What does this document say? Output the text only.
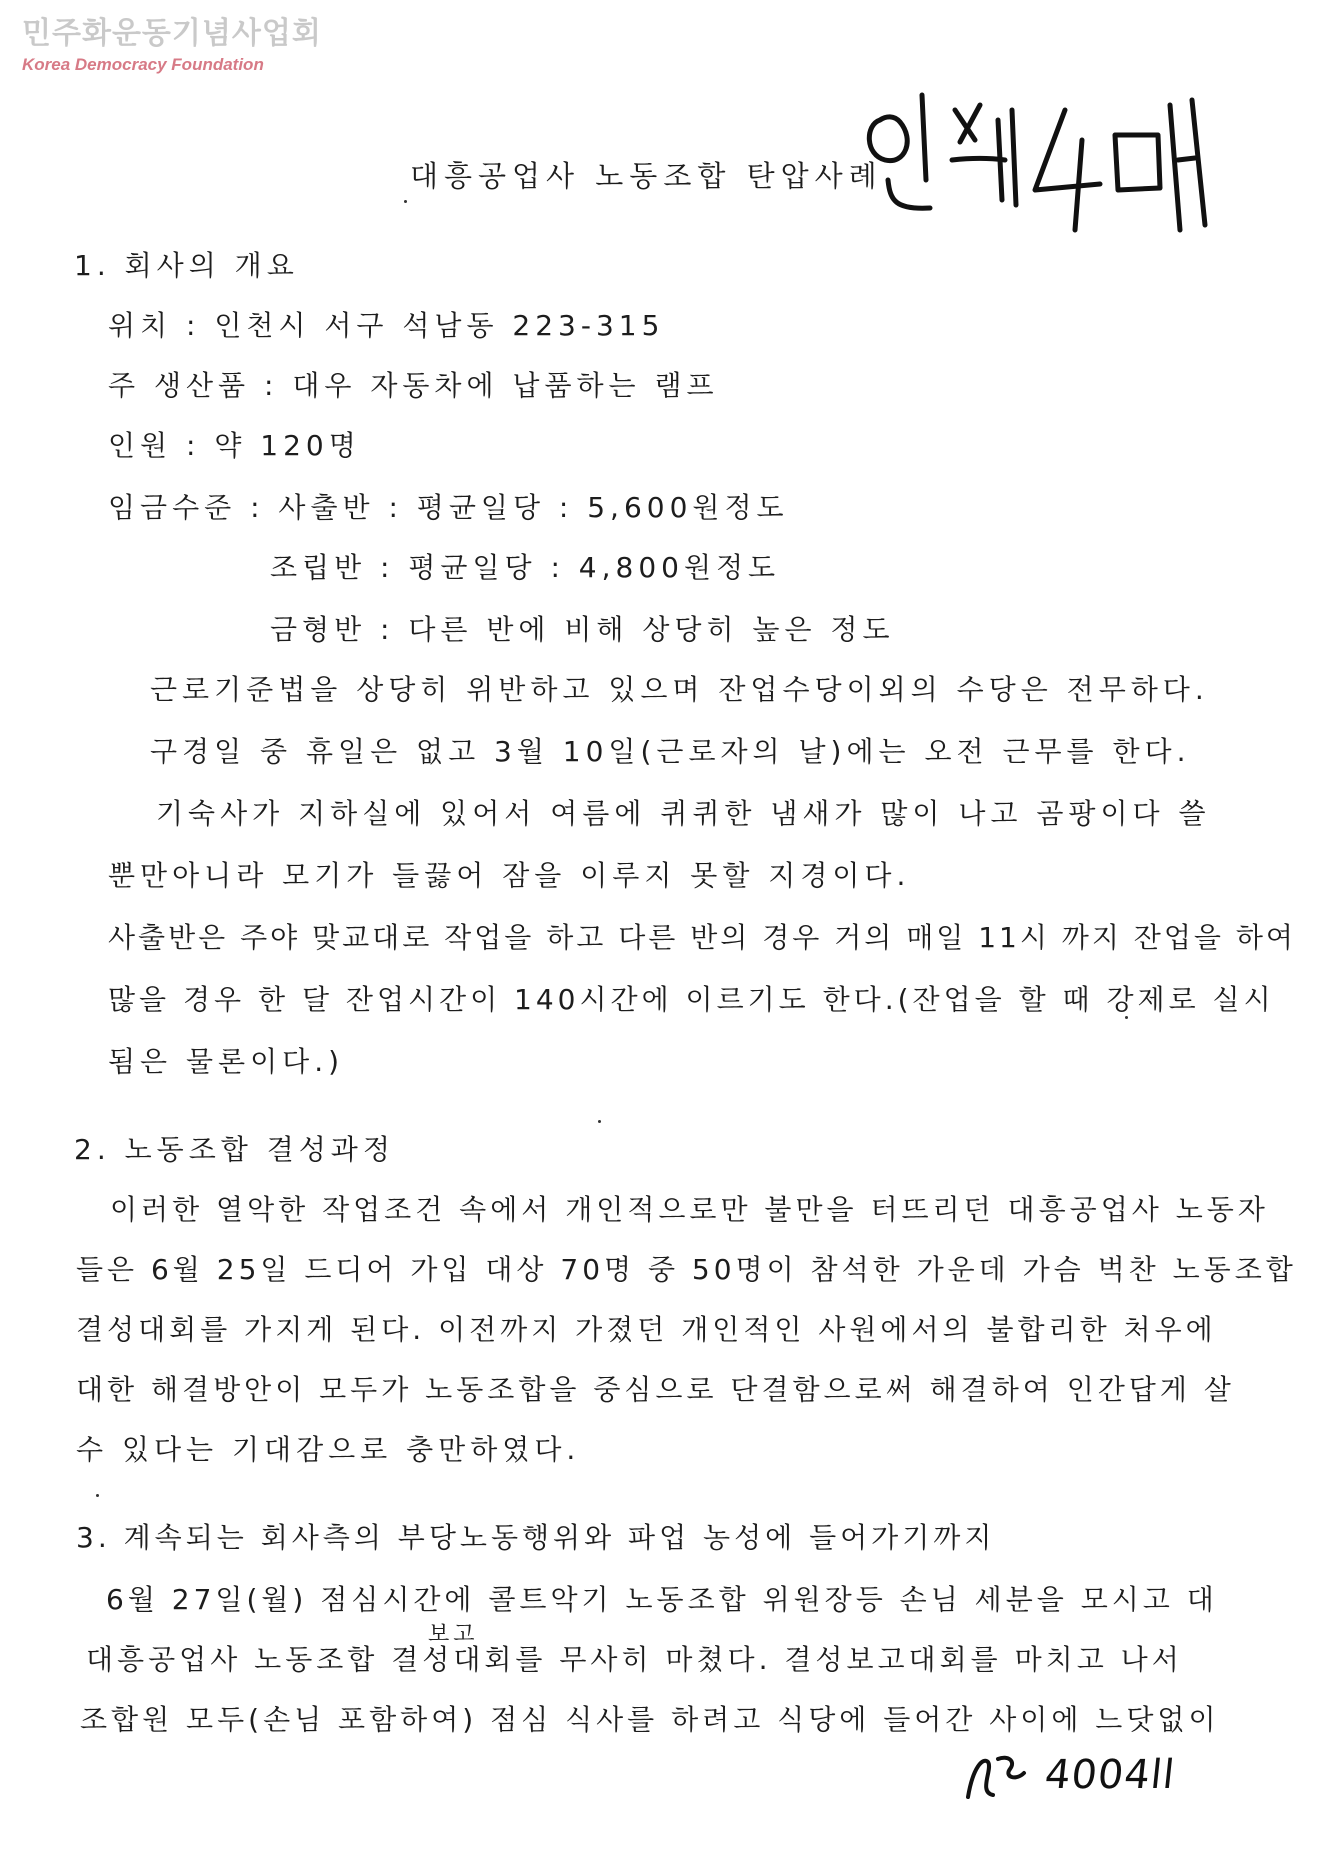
민주화운동기념사업회
Korea Democracy Foundation
대흥공업사 노동조합 탄압사례
1. 회사의 개요
위치 : 인천시 서구 석남동 223-315
주 생산품 : 대우 자동차에 납품하는 램프
인원 : 약 120명
임금수준 : 사출반 : 평균일당 : 5,600원정도
조립반 : 평균일당 : 4,800원정도
금형반 : 다른 반에 비해 상당히 높은 정도
근로기준법을 상당히 위반하고 있으며 잔업수당이외의 수당은 전무하다.
구경일 중 휴일은 없고 3월 10일(근로자의 날)에는 오전 근무를 한다.
기숙사가 지하실에 있어서 여름에 퀴퀴한 냄새가 많이 나고 곰팡이다 쓸
뿐만아니라 모기가 들끓어 잠을 이루지 못할 지경이다.
사출반은 주야 맞교대로 작업을 하고 다른 반의 경우 거의 매일 11시 까지 잔업을 하여
많을 경우 한 달 잔업시간이 140시간에 이르기도 한다.(잔업을 할 때 강제로 실시
됨은 물론이다.)
2. 노동조합 결성과정
이러한 열악한 작업조건 속에서 개인적으로만 불만을 터뜨리던 대흥공업사 노동자
들은 6월 25일 드디어 가입 대상 70명 중 50명이 참석한 가운데 가슴 벅찬 노동조합
결성대회를 가지게 된다. 이전까지 가졌던 개인적인 사원에서의 불합리한 처우에
대한 해결방안이 모두가 노동조합을 중심으로 단결함으로써 해결하여 인간답게 살
수 있다는 기대감으로 충만하였다.
3. 계속되는 회사측의 부당노동행위와 파업 농성에 들어가기까지
6월 27일(월) 점심시간에 콜트악기 노동조합 위원장등 손님 세분을 모시고 대
보고
대흥공업사 노동조합 결성대회를 무사히 마쳤다. 결성보고대회를 마치고 나서
조합원 모두(손님 포함하여) 점심 식사를 하려고 식당에 들어간 사이에 느닷없이
4004ll
